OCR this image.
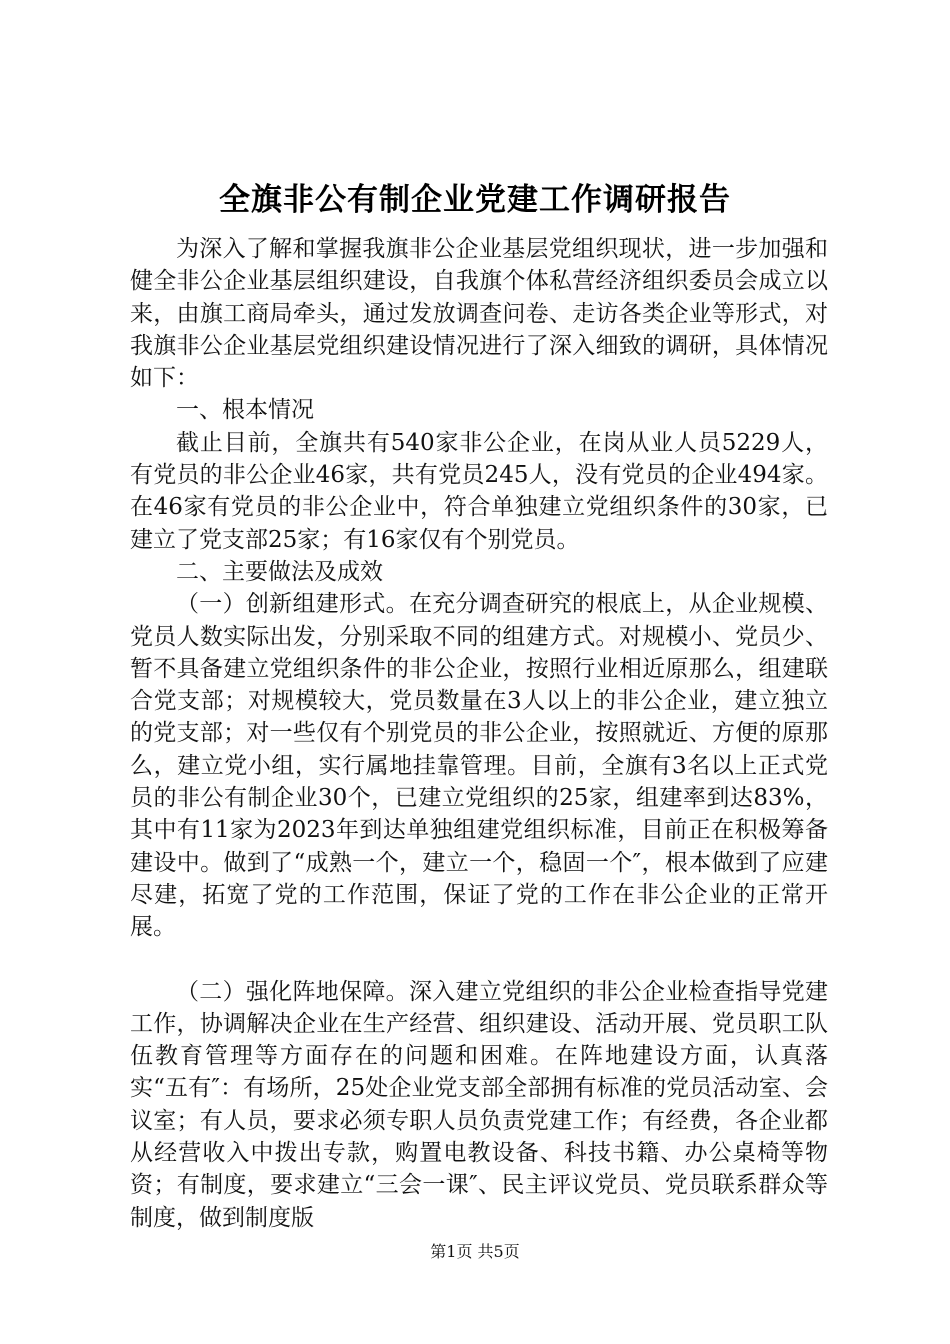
全旗非公有制企业党建工作调研报告

为深入了解和掌握我旗非公企业基层党组织现状，进一步加强和健全非公企业基层组织建设，自我旗个体私营经济组织委员会成立以来，由旗工商局牵头，通过发放调查问卷、走访各类企业等形式，对我旗非公企业基层党组织建设情况进行了深入细致的调研，具体情况如下：

一、根本情况

截止目前，全旗共有540家非公企业，在岗从业人员5229人，有党员的非公企业46家，共有党员245人，没有党员的企业494家。在46家有党员的非公企业中，符合单独建立党组织条件的30家，已建立了党支部25家；有16家仅有个别党员。

二、主要做法及成效

（一）创新组建形式。在充分调查研究的根底上，从企业规模、党员人数实际出发，分别采取不同的组建方式。对规模小、党员少、暂不具备建立党组织条件的非公企业，按照行业相近原那么，组建联合党支部；对规模较大，党员数量在3人以上的非公企业，建立独立的党支部；对一些仅有个别党员的非公企业，按照就近、方便的原那么，建立党小组，实行属地挂靠管理。目前，全旗有3名以上正式党员的非公有制企业30个，已建立党组织的25家，组建率到达83%，其中有11家为2023年到达单独组建党组织标准，目前正在积极筹备建设中。做到了“成熟一个，建立一个，稳固一个″，根本做到了应建尽建，拓宽了党的工作范围，保证了党的工作在非公企业的正常开展。

（二）强化阵地保障。深入建立党组织的非公企业检查指导党建工作，协调解决企业在生产经营、组织建设、活动开展、党员职工队伍教育管理等方面存在的问题和困难。在阵地建设方面，认真落实“五有″：有场所，25处企业党支部全部拥有标准的党员活动室、会议室；有人员，要求必须专职人员负责党建工作；有经费，各企业都从经营收入中拨出专款，购置电教设备、科技书籍、办公桌椅等物资；有制度，要求建立“三会一课″、民主评议党员、党员联系群众等制度，做到制度版

第1页 共5页
